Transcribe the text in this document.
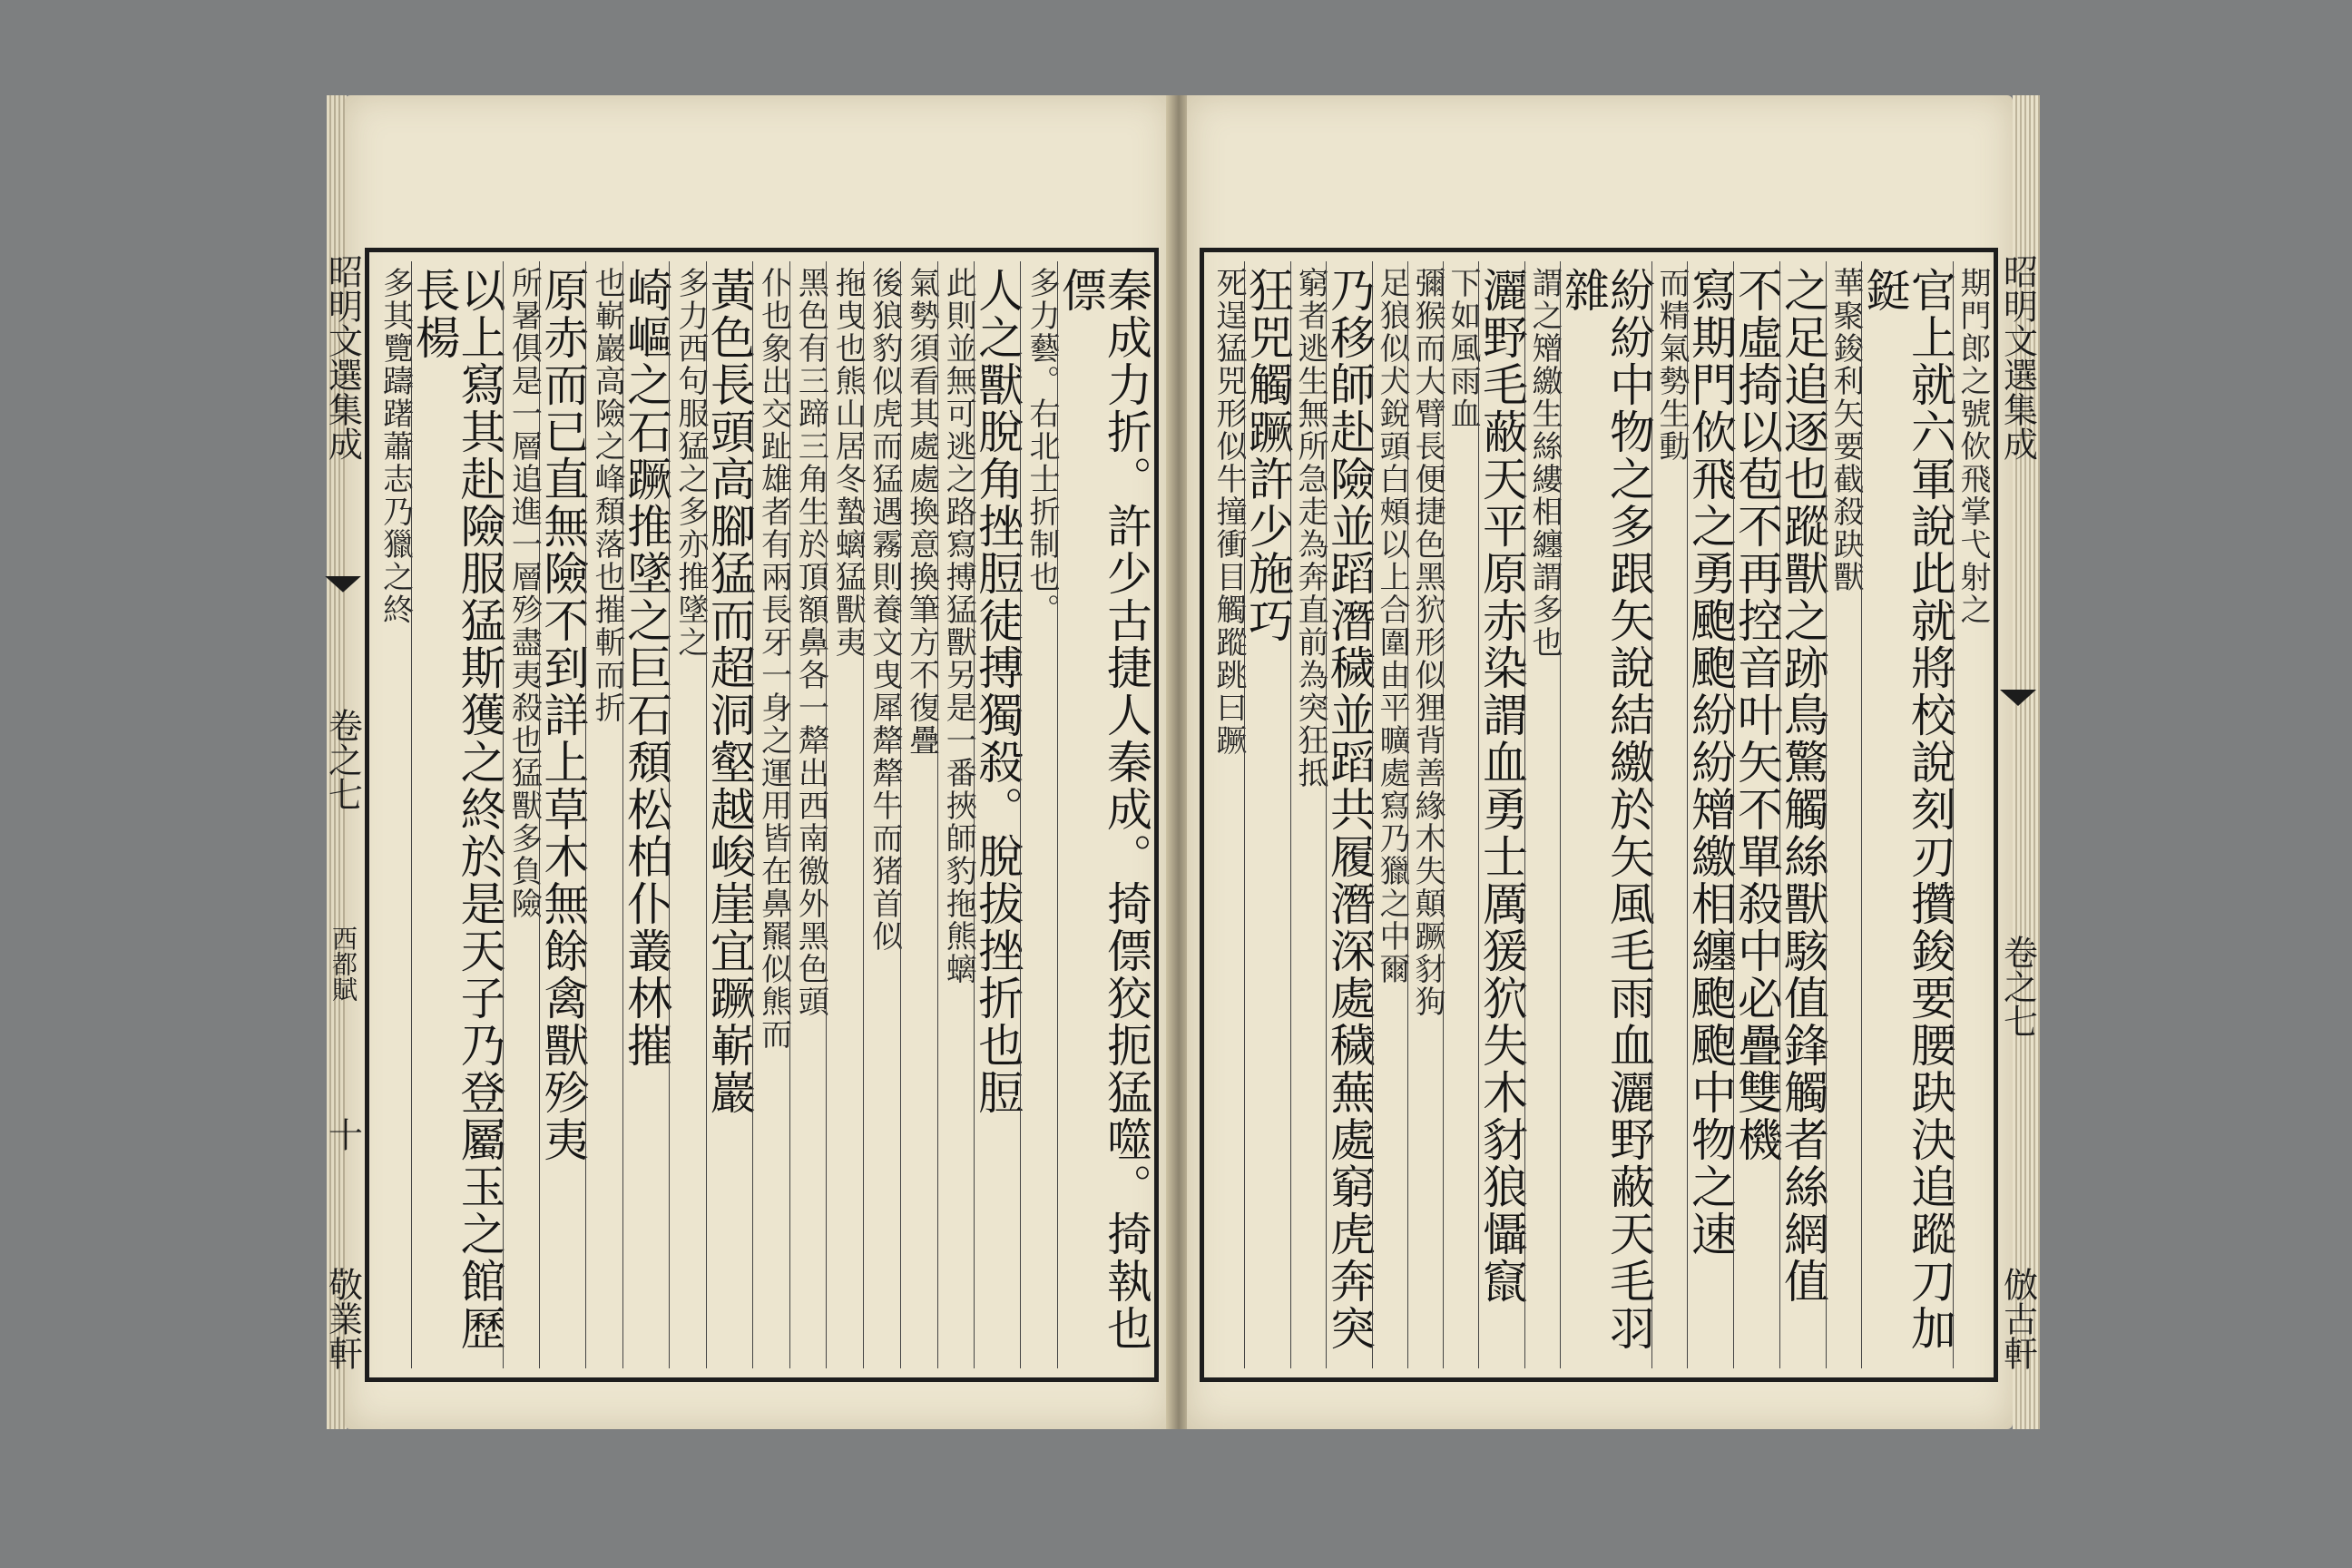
秦成力折。許少古捷人秦成。掎僄狡扼猛噬。掎執也僄
多力藝。右北士折制也。
人之獸脫角挫脰徒搏獨殺。脫拔挫折也脰
此則並無可逃之路寫搏猛獸另是一番挾師豹拖熊螭
氣勢須看其處處換意換筆方不復疊
後狼豹似虎而猛遇霧則養文曳犀犛犛牛而猪首似
拖曳也熊山居冬蟄螭猛獸夷
黑色有三蹄三角生於頂額鼻各一犛出西南徼外黑色頭
仆也象出交趾雄者有兩長牙一身之運用皆在鼻羆似熊而
黃色長頭高腳猛而超洞壑越峻崖宜蹶嶄巖
多力西句服猛之多亦推墜之
崎嶇之石蹶推墜之巨石頹松柏仆叢林摧
也嶄巖高險之峰頹落也摧斬而折
原赤而已直無險不到詳上草木無餘禽獸殄夷
所暑俱是一層追進一層殄盡夷殺也猛獸多負險
以上寫其赴險服猛斯獲之終於是天子乃登屬玉之館歷長楊
多其覽躊躇蕭志乃獵之終
昭明文選集成
卷之七
西都賦
十
敬業軒
期門郎之號佽飛掌弋射之
官上就六軍說此就將校說刻刃攢鋑要腰趹決追蹤刀加鋌
華聚鋑利矢要截殺趹獸
之足追逐也蹤獸之跡鳥驚觸絲獸駭值鋒觸者絲網值
不虛掎以苞不再控音叶矢不單殺中必疊雙機
寫期門佽飛之勇颮颮紛紛矰繳相纏颮颮中物之速
而精氣勢生動
紛紛中物之多跟矢說結繳於矢風毛雨血灑野蔽天毛羽雜
謂之矰繳生絲縷相纏謂多也
灑野毛蔽天平原赤染謂血勇士厲猨狖失木豺狼懾竄
下如風雨血
彌猴而大臂長便捷色黑狖形似狸背善緣木失顛蹶豺狗
足狼似犬銳頭白頰以上合圍由平曠處寫乃獵之中爾
乃移師赴險並蹈潛穢並蹈共履潛深處穢蕪處窮虎奔突
窮者逃生無所急走為奔直前為突狂抵
狂兕觸蹶許少施巧
死逞猛兕形似牛撞衝目觸蹤跳曰蹶	昭明文選集成
卷之七
倣古軒
